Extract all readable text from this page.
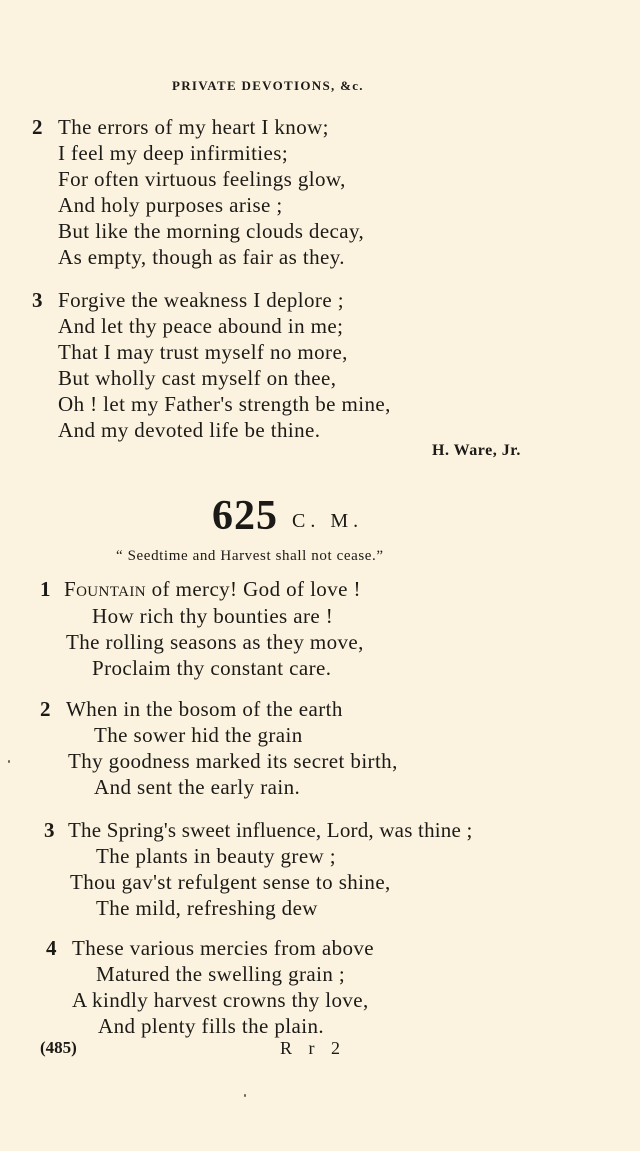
PRIVATE DEVOTIONS, &c.
2 The errors of my heart I know;
I feel my deep infirmities;
For often virtuous feelings glow,
And holy purposes arise ;
But like the morning clouds decay,
As empty, though as fair as they.
3 Forgive the weakness I deplore ;
And let thy peace abound in me;
That I may trust myself no more,
But wholly cast myself on thee,
Oh ! let my Father's strength be mine,
And my devoted life be thine.
H. Ware, Jr.
625 C. M.
“ Seedtime and Harvest shall not cease.”
1 Fountain of mercy! God of love !
How rich thy bounties are !
The rolling seasons as they move,
Proclaim thy constant care.
2 When in the bosom of the earth
The sower hid the grain
Thy goodness marked its secret birth,
And sent the early rain.
3 The Spring's sweet influence, Lord, was thine ;
The plants in beauty grew ;
Thou gav'st refulgent sense to shine,
The mild, refreshing dew
4 These various mercies from above
Matured the swelling grain ;
A kindly harvest crowns thy love,
And plenty fills the plain.
(485)	R r 2
